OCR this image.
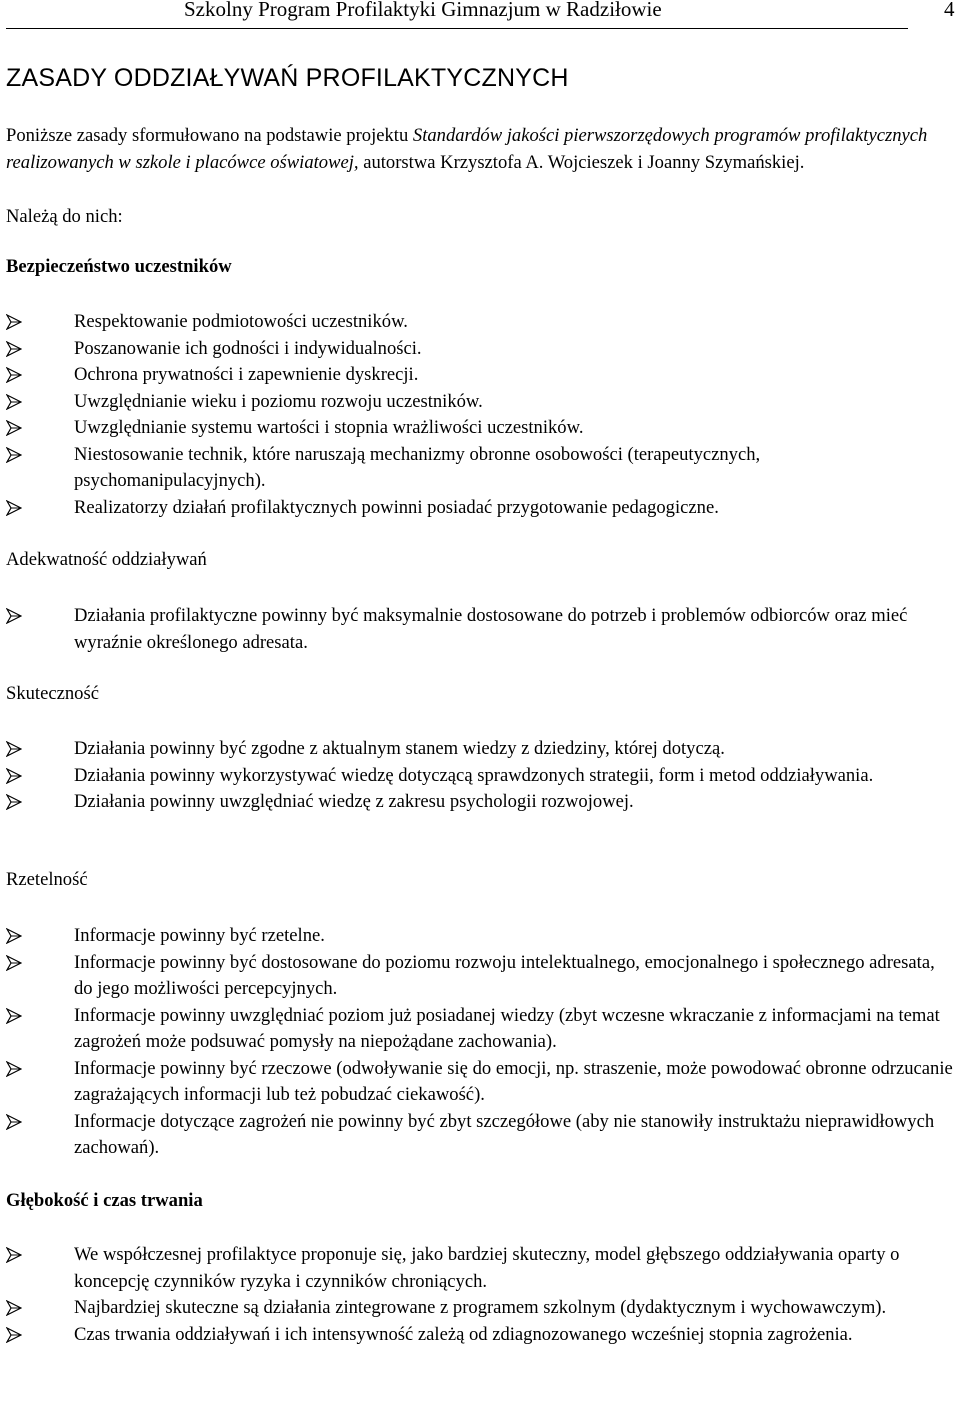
Szkolny Program Profilaktyki Gimnazjum w Radziłowie	4
ZASADY ODDZIAŁYWAŃ PROFILAKTYCZNYCH

Poniższe zasady sformułowano na podstawie projektu Standardów jakości pierwszorzędowych programów profilaktycznych realizowanych w szkole i placówce oświatowej, autorstwa Krzysztofa A. Wojcieszek i Joanny Szymańskiej.

Należą do nich:

Bezpieczeństwo uczestników
Respektowanie podmiotowości uczestników.
Poszanowanie ich godności i indywidualności.
Ochrona prywatności i zapewnienie dyskrecji.
Uwzględnianie wieku i poziomu rozwoju uczestników.
Uwzględnianie systemu wartości i stopnia wrażliwości uczestników.
Niestosowanie technik, które naruszają mechanizmy obronne osobowości (terapeutycznych, psychomanipulacyjnych).
Realizatorzy działań profilaktycznych powinni posiadać przygotowanie pedagogiczne.
Adekwatność oddziaływań
Działania profilaktyczne powinny być maksymalnie dostosowane do potrzeb i problemów odbiorców oraz mieć wyraźnie określonego adresata.
Skuteczność
Działania powinny być zgodne z aktualnym stanem wiedzy z dziedziny, której dotyczą.
Działania powinny wykorzystywać wiedzę dotyczącą sprawdzonych strategii, form i metod oddziaływania.
Działania powinny uwzględniać wiedzę z zakresu psychologii rozwojowej.
Rzetelność
Informacje powinny być rzetelne.
Informacje powinny być dostosowane do poziomu rozwoju intelektualnego, emocjonalnego i społecznego adresata, do jego możliwości percepcyjnych.
Informacje powinny uwzględniać poziom już posiadanej wiedzy (zbyt wczesne wkraczanie z informacjami na temat zagrożeń może podsuwać pomysły na niepożądane zachowania).
Informacje powinny być rzeczowe (odwoływanie się do emocji, np. straszenie, może powodować obronne odrzucanie zagrażających informacji lub też pobudzać ciekawość).
Informacje dotyczące zagrożeń nie powinny być zbyt szczegółowe (aby nie stanowiły instruktażu nieprawidłowych zachowań).
Głębokość i czas trwania
We współczesnej profilaktyce proponuje się, jako bardziej skuteczny, model głębszego oddziaływania oparty o koncepcję czynników ryzyka i czynników chroniących.
Najbardziej skuteczne są działania zintegrowane z programem szkolnym (dydaktycznym i wychowawczym).
Czas trwania oddziaływań i ich intensywność zależą od zdiagnozowanego wcześniej stopnia zagrożenia.
